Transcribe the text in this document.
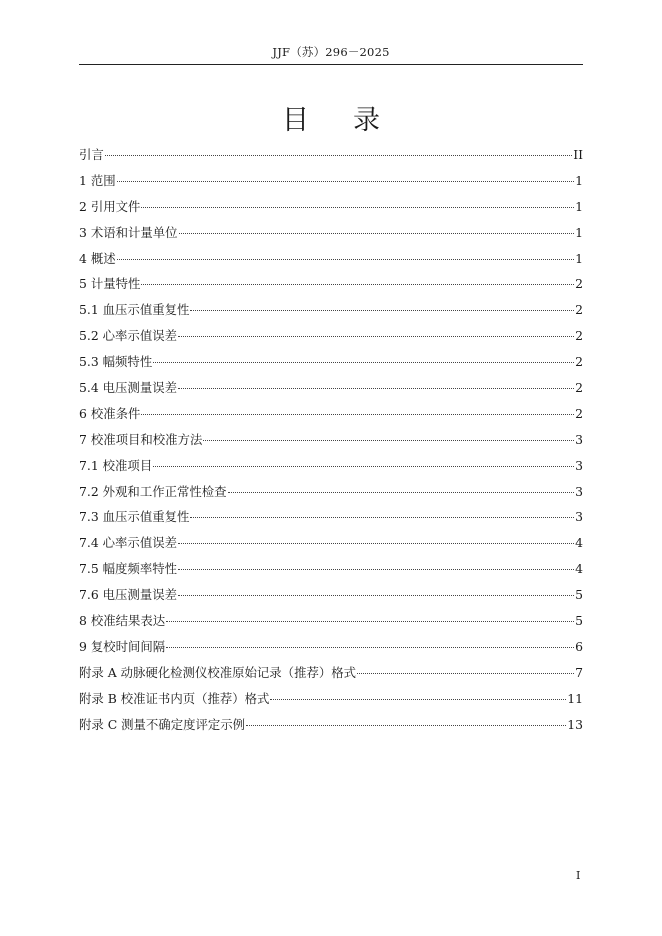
JJF（苏）296－2025
目录
引言	II
1 范围	1
2 引用文件	1
3 术语和计量单位	1
4 概述	1
5 计量特性	2
5.1 血压示值重复性	2
5.2 心率示值误差	2
5.3 幅频特性	2
5.4 电压测量误差	2
6 校准条件	2
7 校准项目和校准方法	3
7.1 校准项目	3
7.2 外观和工作正常性检查	3
7.3 血压示值重复性	3
7.4 心率示值误差	4
7.5 幅度频率特性	4
7.6 电压测量误差	5
8 校准结果表达	5
9 复校时间间隔	6
附录 A 动脉硬化检测仪校准原始记录（推荐）格式	7
附录 B 校准证书内页（推荐）格式	11
附录 C 测量不确定度评定示例	13
I
